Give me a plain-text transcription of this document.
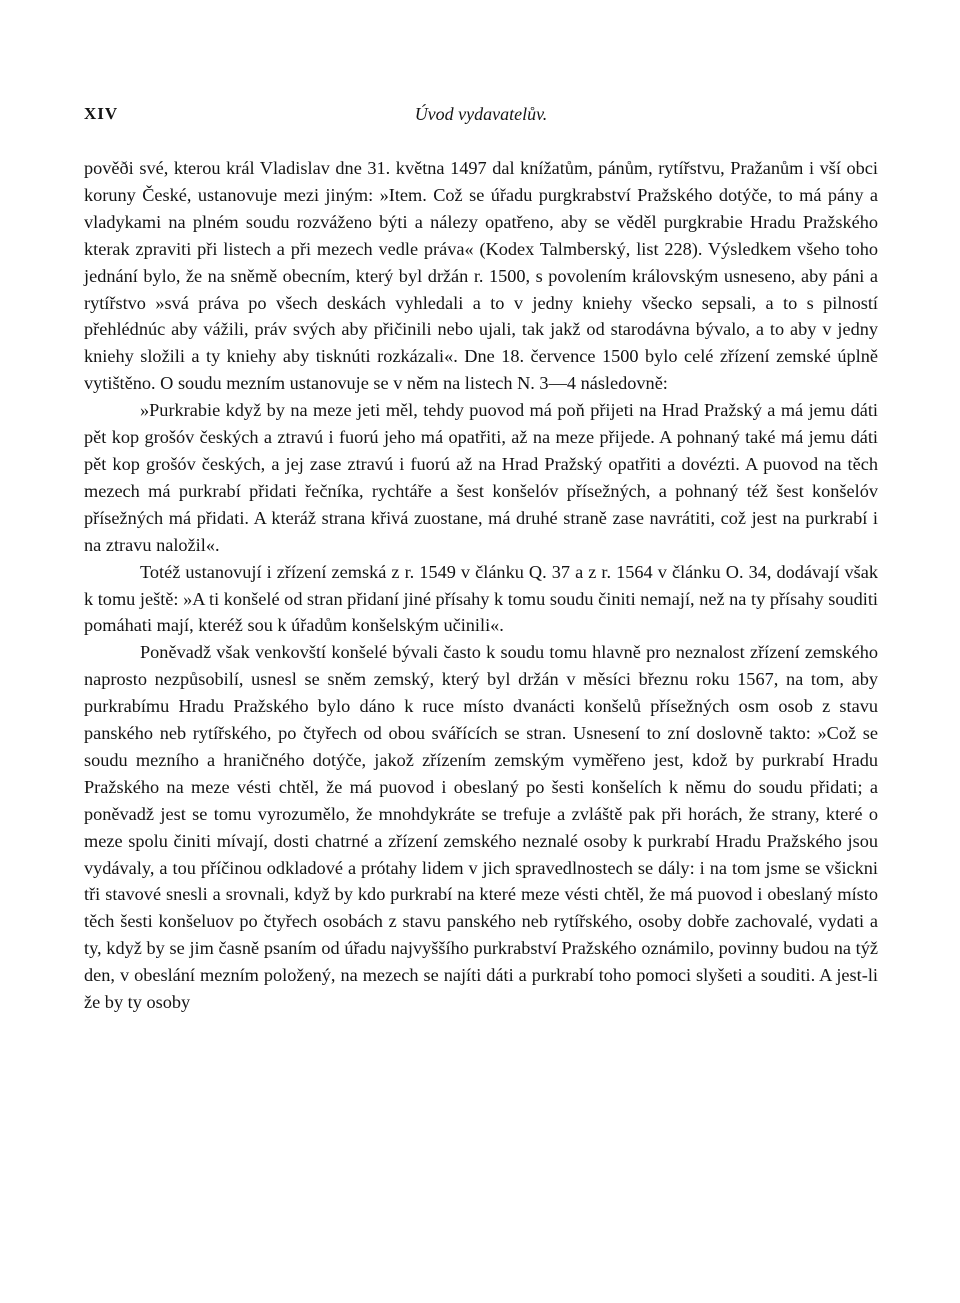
XIV	Úvod vydavatelův.

pověði své, kterou král Vladislav dne 31. května 1497 dal knížatům, pánům, rytířstvu, Pražanům i vší obci koruny České, ustanovuje mezi jiným: »Item. Což se úřadu purgkrabství Pražského dotýče, to má pány a vladykami na plném soudu rozváženo býti a nálezy opatřeno, aby se věděl purgkrabie Hradu Pražského kterak zpraviti při listech a při mezech vedle práva« (Kodex Talmberský, list 228). Výsledkem všeho toho jednání bylo, že na sněmě obecním, který byl držán r. 1500, s povolením královským usneseno, aby páni a rytířstvo »svá práva po všech deskách vyhledali a to v jedny kniehy všecko sepsali, a to s pilností přehlédnúc aby vážili, práv svých aby přičinili nebo ujali, tak jakž od starodávna bývalo, a to aby v jedny kniehy složili a ty kniehy aby tisknúti rozkázali«. Dne 18. července 1500 bylo celé zřízení zemské úplně vytištěno. O soudu mezním ustanovuje se v něm na listech N. 3—4 následovně:

»Purkrabie když by na meze jeti měl, tehdy puovod má poň přijeti na Hrad Pražský a má jemu dáti pět kop grošóv českých a ztravú i fuorú jeho má opatřiti, až na meze přijede. A pohnaný také má jemu dáti pět kop grošóv českých, a jej zase ztravú i fuorú až na Hrad Pražský opatřiti a dovézti. A puovod na těch mezech má purkrabí přidati řečníka, rychtáře a šest konšelóv přísežných, a pohnaný též šest konšelóv přísežných má přidati. A kteráž strana křivá zuostane, má druhé straně zase navrátiti, což jest na purkrabí i na ztravu naložil«.

Totéž ustanovují i zřízení zemská z r. 1549 v článku Q. 37 a z r. 1564 v článku O. 34, dodávají však k tomu ještě: »A ti konšelé od stran přidaní jiné přísahy k tomu soudu činiti nemají, než na ty přísahy souditi pomáhati mají, kteréž sou k úřadům konšelským učinili«.

Poněvadž však venkovští konšelé bývali často k soudu tomu hlavně pro neznalost zřízení zemského naprosto nezpůsobilí, usnesl se sněm zemský, který byl držán v měsíci březnu roku 1567, na tom, aby purkrabímu Hradu Pražského bylo dáno k ruce místo dvanácti konšelů přísežných osm osob z stavu panského neb rytířského, po čtyřech od obou svářících se stran. Usnesení to zní doslovně takto: »Což se soudu mezního a hraničného dotýče, jakož zřízením zemským vyměřeno jest, kdož by purkrabí Hradu Pražského na meze vésti chtěl, že má puovod i obeslaný po šesti konšelích k němu do soudu přidati; a poněvadž jest se tomu vyrozumělo, že mnohdykráte se trefuje a zvláště pak při horách, že strany, které o meze spolu činiti mívají, dosti chatrné a zřízení zemského neznalé osoby k purkrabí Hradu Pražského jsou vydávaly, a tou příčinou odkladové a prótahy lidem v jich spravedlnostech se dály: i na tom jsme se všickni tři stavové snesli a srovnali, když by kdo purkrabí na které meze vésti chtěl, že má puovod i obeslaný místo těch šesti konšeluov po čtyřech osobách z stavu panského neb rytířského, osoby dobře zachovalé, vydati a ty, když by se jim časně psaním od úřadu najvyššího purkrabství Pražského oznámilo, povinny budou na týž den, v obeslání mezním položený, na mezech se najíti dáti a purkrabí toho pomoci slyšeti a souditi. A jest-li že by ty osoby
